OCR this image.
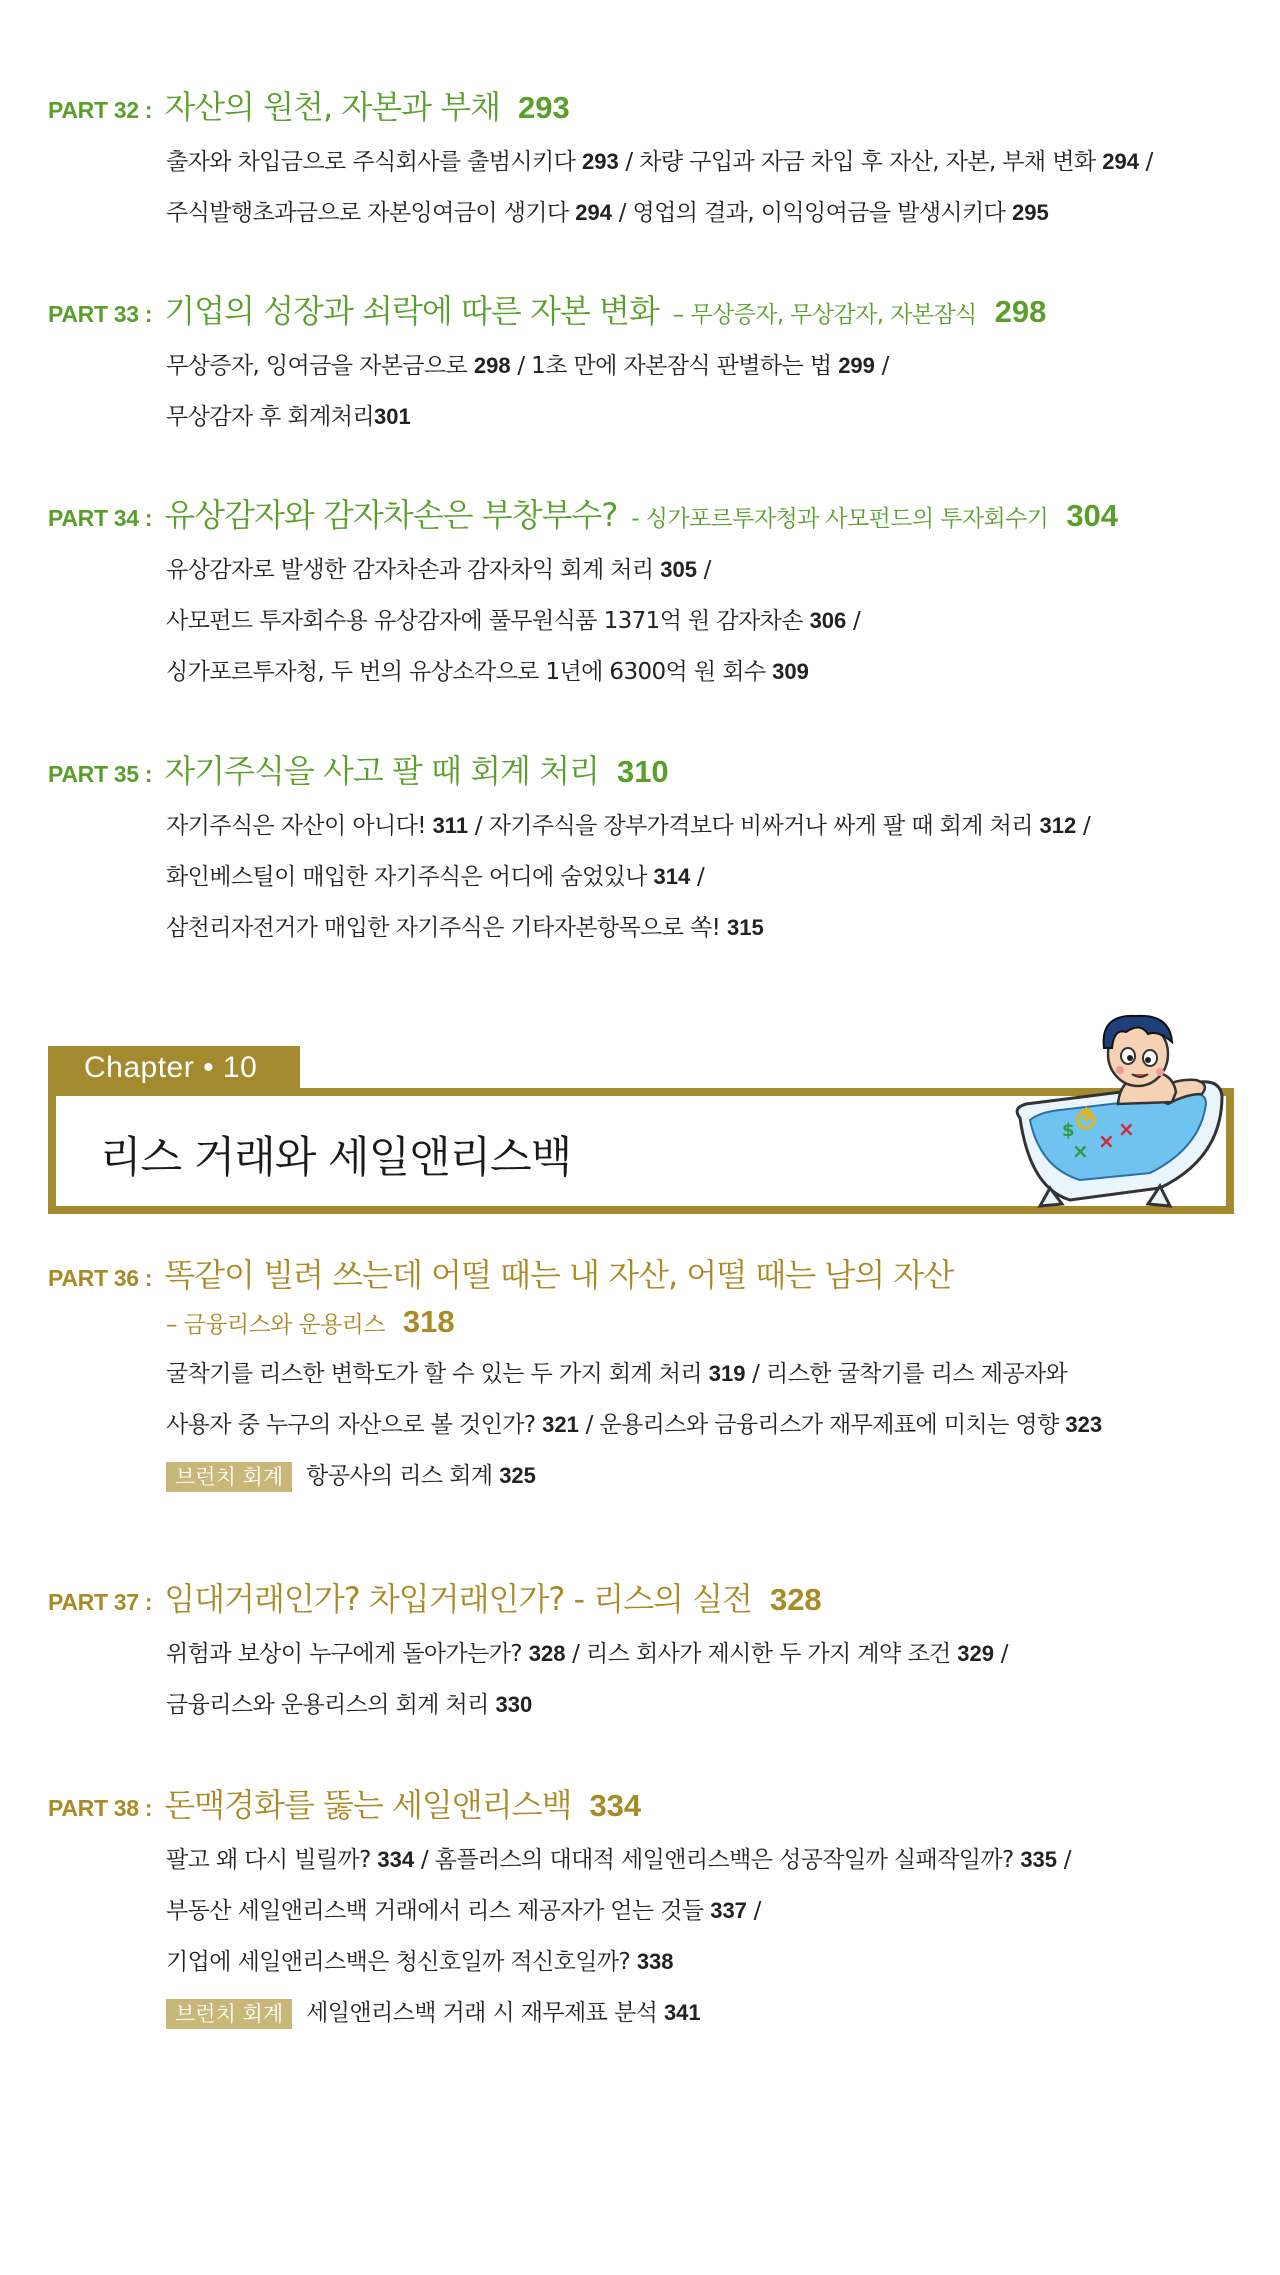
PART 32 : 자산의 원천, 자본과 부채 293
출자와 차입금으로 주식회사를 출범시키다 293 / 차량 구입과 자금 차입 후 자산, 자본, 부채 변화 294 /
주식발행초과금으로 자본잉여금이 생기다 294 / 영업의 결과, 이익잉여금을 발생시키다 295
PART 33 : 기업의 성장과 쇠락에 따른 자본 변화 – 무상증자, 무상감자, 자본잠식 298
무상증자, 잉여금을 자본금으로 298 / 1초 만에 자본잠식 판별하는 법 299 /
무상감자 후 회계처리301
PART 34 : 유상감자와 감자차손은 부창부수? - 싱가포르투자청과 사모펀드의 투자회수기 304
유상감자로 발생한 감자차손과 감자차익 회계 처리 305 /
사모펀드 투자회수용 유상감자에 풀무원식품 1371억 원 감자차손 306 /
싱가포르투자청, 두 번의 유상소각으로 1년에 6300억 원 회수 309
PART 35 : 자기주식을 사고 팔 때 회계 처리 310
자기주식은 자산이 아니다! 311 / 자기주식을 장부가격보다 비싸거나 싸게 팔 때 회계 처리 312 /
화인베스틸이 매입한 자기주식은 어디에 숨었있나 314 /
삼천리자전거가 매입한 자기주식은 기타자본항목으로 쏙! 315
Chapter • 10
리스 거래와 세일앤리스백	× × ×
$
$
PART 36 : 똑같이 빌려 쓰는데 어떨 때는 내 자산, 어떨 때는 남의 자산
– 금융리스와 운용리스 318
굴착기를 리스한 변학도가 할 수 있는 두 가지 회계 처리 319 / 리스한 굴착기를 리스 제공자와
사용자 중 누구의 자산으로 볼 것인가? 321 / 운용리스와 금융리스가 재무제표에 미치는 영향 323
브런치 회계 항공사의 리스 회계 325
PART 37 : 임대거래인가? 차입거래인가? - 리스의 실전 328
위험과 보상이 누구에게 돌아가는가? 328 / 리스 회사가 제시한 두 가지 계약 조건 329 /
금융리스와 운용리스의 회계 처리 330
PART 38 : 돈맥경화를 뚫는 세일앤리스백 334
팔고 왜 다시 빌릴까? 334 / 홈플러스의 대대적 세일앤리스백은 성공작일까 실패작일까? 335 /
부동산 세일앤리스백 거래에서 리스 제공자가 얻는 것들 337 /
기업에 세일앤리스백은 청신호일까 적신호일까? 338
브런치 회계 세일앤리스백 거래 시 재무제표 분석 341
